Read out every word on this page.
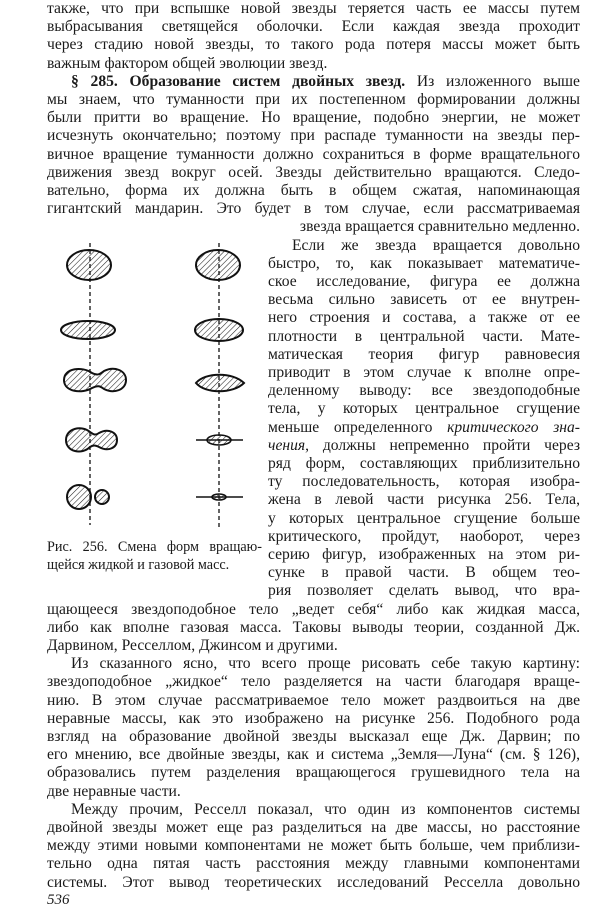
Рис. 256. Смена форм вращаю-
щейся жидкой и газовой масс.
также, что при вспышке новой звезды теряется часть ее массы путем
выбрасывания светящейся оболочки. Если каждая звезда проходит
через стадию новой звезды, то такого рода потеря массы может быть
важным фактором общей эволюции звезд.
§ 285. Образование систем двойных звезд. Из изложенного выше
мы знаем, что туманности при их постепенном формировании должны
были притти во вращение. Но вращение, подобно энергии, не может
исчезнуть окончательно; поэтому при распаде туманности на звезды пер-
вичное вращение туманности должно сохраниться в форме вращательного
движения звезд вокруг осей. Звезды действительно вращаются. Следо-
вательно, форма их должна быть в общем сжатая, напоминающая
гигантский мандарин. Это будет в том случае, если рассматриваемая
звезда вращается сравнительно медленно.
Если же звезда вращается довольно
быстро, то, как показывает математиче-
ское исследование, фигура ее должна
весьма сильно зависеть от ее внутрен-
него строения и состава, а также от ее
плотности в центральной части. Мате-
матическая теория фигур равновесия
приводит в этом случае к вполне опре-
деленному выводу: все звездоподобные
тела, у которых центральное сгущение
меньше определенного критического зна-
чения, должны непременно пройти через
ряд форм, составляющих приблизительно
ту последовательность, которая изобра-
жена в левой части рисунка 256. Тела,
у которых центральное сгущение больше
критического, пройдут, наоборот, через
серию фигур, изображенных на этом ри-
сунке в правой части. В общем тео-
рия позволяет сделать вывод, что вра-
щающееся звездоподобное тело „ведет себя“ либо как жидкая масса,
либо как вполне газовая масса. Таковы выводы теории, созданной Дж.
Дарвином, Ресселлом, Джинсом и другими.
Из сказанного ясно, что всего проще рисовать себе такую картину:
звездоподобное „жидкое“ тело разделяется на части благодаря враще-
нию. В этом случае рассматриваемое тело может раздвоиться на две
неравные массы, как это изображено на рисунке 256. Подобного рода
взгляд на образование двойной звезды высказал еще Дж. Дарвин; по
его мнению, все двойные звезды, как и система „Земля—Луна“ (см. § 126),
образовались путем разделения вращающегося грушевидного тела на
две неравные части.
Между прочим, Ресселл показал, что один из компонентов системы
двойной звезды может еще раз разделиться на две массы, но расстояние
между этими новыми компонентами не может быть больше, чем приблизи-
тельно одна пятая часть расстояния между главными компонентами
системы. Этот вывод теоретических исследований Ресселла довольно
536
